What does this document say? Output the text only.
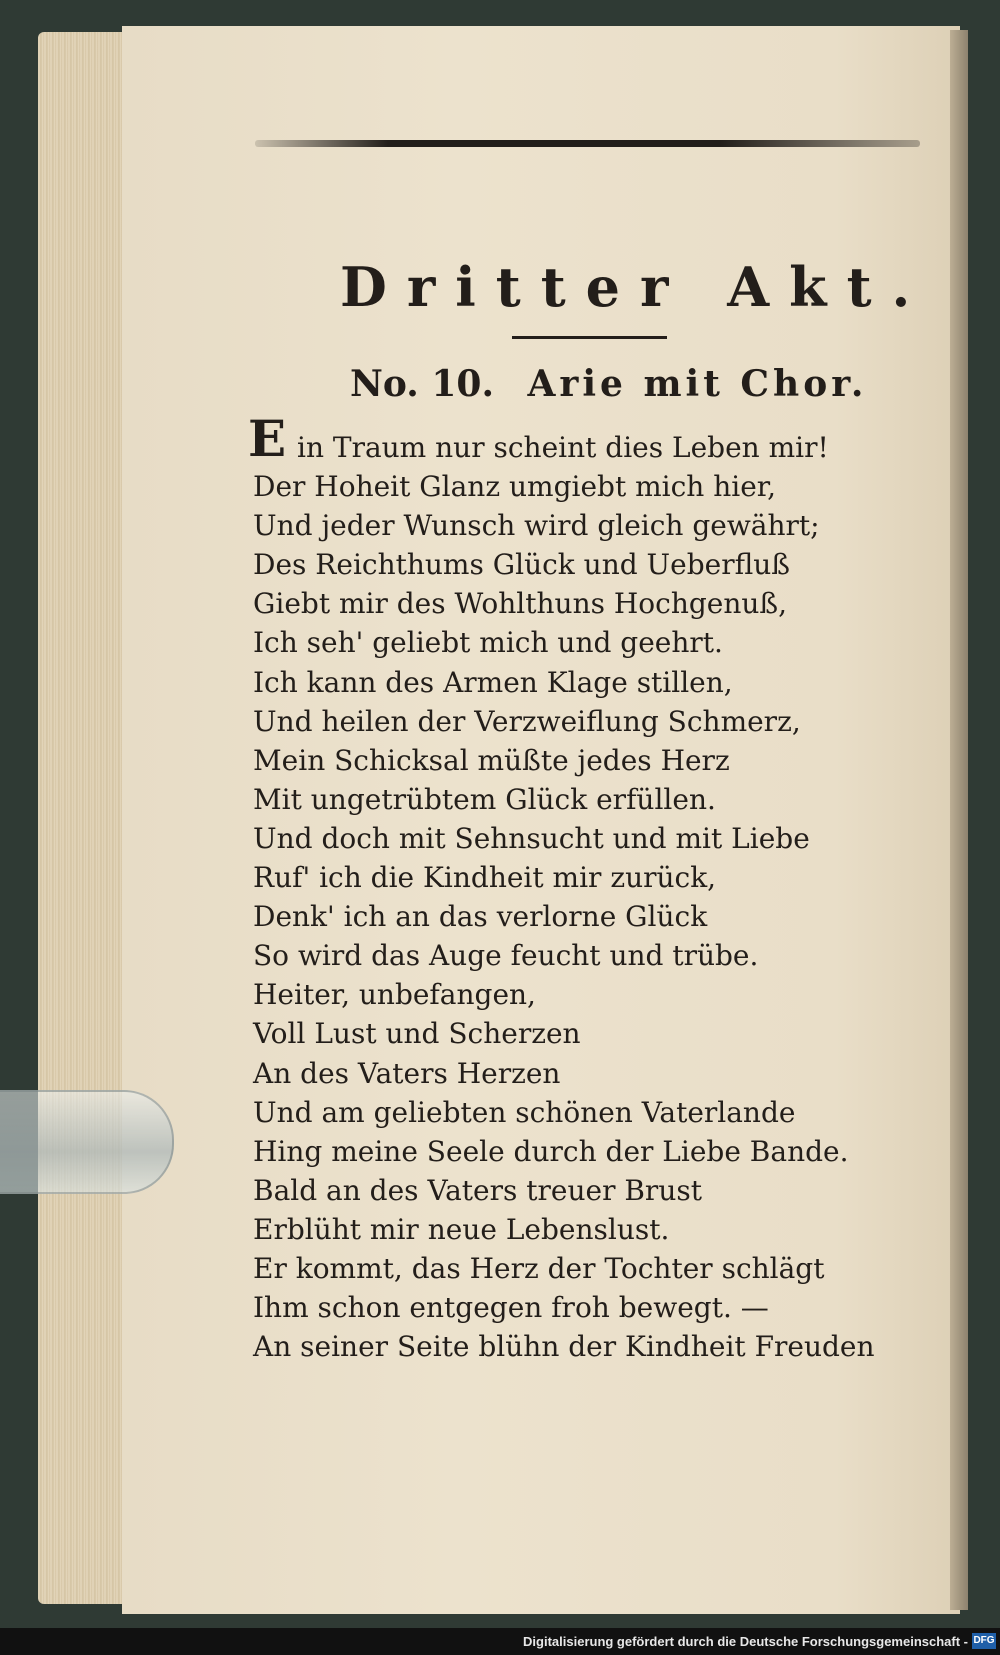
Dritter Akt.
No. 10. Arie mit Chor.
E in Traum nur scheint dies Leben mir!
Der Hoheit Glanz umgiebt mich hier,
Und jeder Wunsch wird gleich gewährt;
Des Reichthums Glück und Ueberfluß
Giebt mir des Wohlthuns Hochgenuß,
Ich seh' geliebt mich und geehrt.
Ich kann des Armen Klage stillen,
Und heilen der Verzweiflung Schmerz,
Mein Schicksal müßte jedes Herz
Mit ungetrübtem Glück erfüllen.
Und doch mit Sehnsucht und mit Liebe
Ruf' ich die Kindheit mir zurück,
Denk' ich an das verlorne Glück
So wird das Auge feucht und trübe.
Heiter, unbefangen,
Voll Lust und Scherzen
An des Vaters Herzen
Und am geliebten schönen Vaterlande
Hing meine Seele durch der Liebe Bande.
Bald an des Vaters treuer Brust
Erblüht mir neue Lebenslust.
Er kommt, das Herz der Tochter schlägt
Ihm schon entgegen froh bewegt. —
An seiner Seite blühn der Kindheit Freuden
Digitalisierung gefördert durch die Deutsche Forschungsgemeinschaft - DFG
